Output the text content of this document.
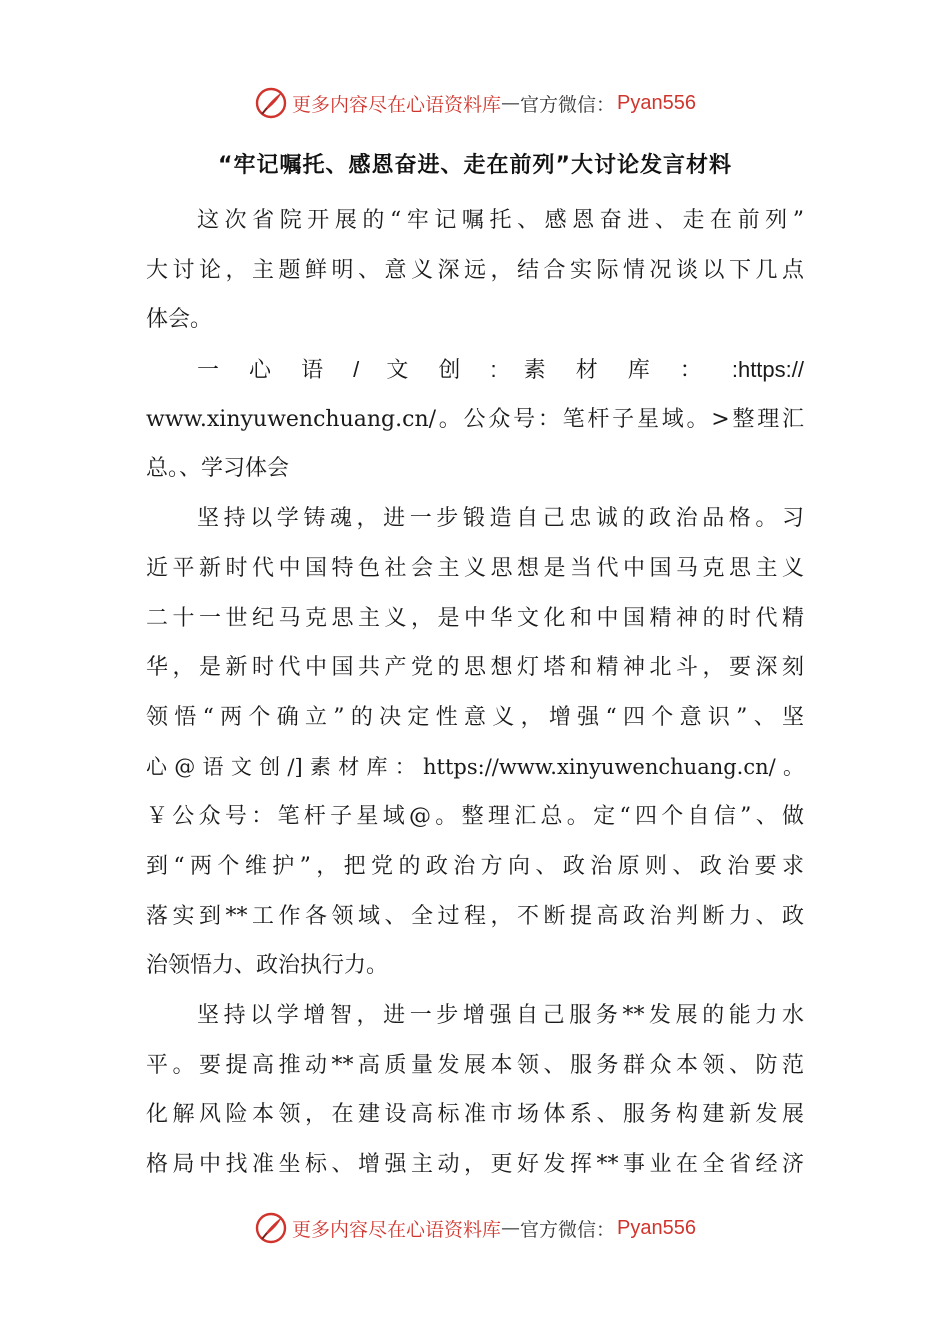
更多内容尽在心语资料库 — 官方微信： Pyan556
“牢记嘱托、感恩奋进、走在前列”大讨论发言材料
这次省院开展的“牢记嘱托、感恩奋进、走在前列”
大讨论，主题鲜明、意义深远，结合实际情况谈以下几点
体会。
一 心 语 / 文 创 : 素 材 库 ： :https://
www.xinyuwenchuang.cn/。公众号：笔杆子星域。>整理汇
总。、学习体会
坚持以学铸魂，进一步锻造自己忠诚的政治品格。习
近平新时代中国特色社会主义思想是当代中国马克思主义
二十一世纪马克思主义，是中华文化和中国精神的时代精
华，是新时代中国共产党的思想灯塔和精神北斗，要深刻
领悟“两个确立”的决定性意义，增强“四个意识”、坚
心@语文创/]素材库：https://www.xinyuwenchuang.cn/。
￥公众号：笔杆子星域@。整理汇总。定“四个自信”、做
到“两个维护”，把党的政治方向、政治原则、政治要求
落实到**工作各领域、全过程，不断提高政治判断力、政
治领悟力、政治执行力。
坚持以学增智，进一步增强自己服务**发展的能力水
平。要提高推动**高质量发展本领、服务群众本领、防范
化解风险本领，在建设高标准市场体系、服务构建新发展
格局中找准坐标、增强主动，更好发挥**事业在全省经济
更多内容尽在心语资料库 — 官方微信： Pyan556
